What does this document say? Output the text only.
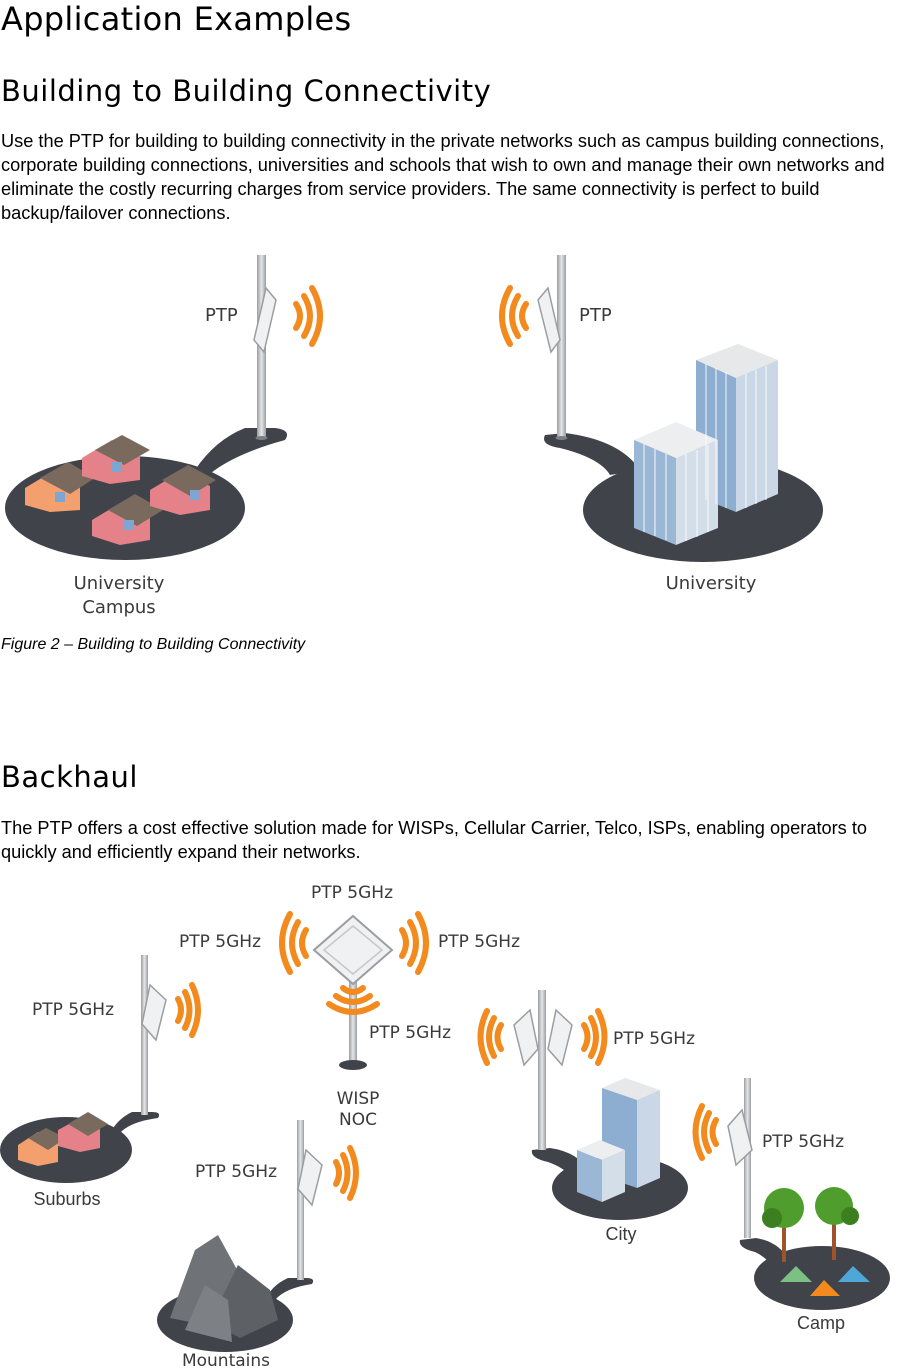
Application Examples
Building to Building Connectivity
Use the PTP for building to building connectivity in the private networks such as campus building connections, corporate building connections, universities and schools that wish to own and manage their own networks and eliminate the costly recurring charges from service providers. The same connectivity is perfect to build backup/failover connections.
PTP
University
Campus
PTP
University
Figure 2 – Building to Building Connectivity
Backhaul
The PTP offers a cost effective solution made for WISPs, Cellular Carrier, Telco, ISPs, enabling operators to quickly and efficiently expand their networks.
PTP 5GHz
PTP 5GHz	PTP 5GHz
PTP 5GHz
WISP
NOC
PTP 5GHz
Suburbs
PTP 5GHz
Mountains
PTP 5GHz
City
PTP 5GHz
Camp
